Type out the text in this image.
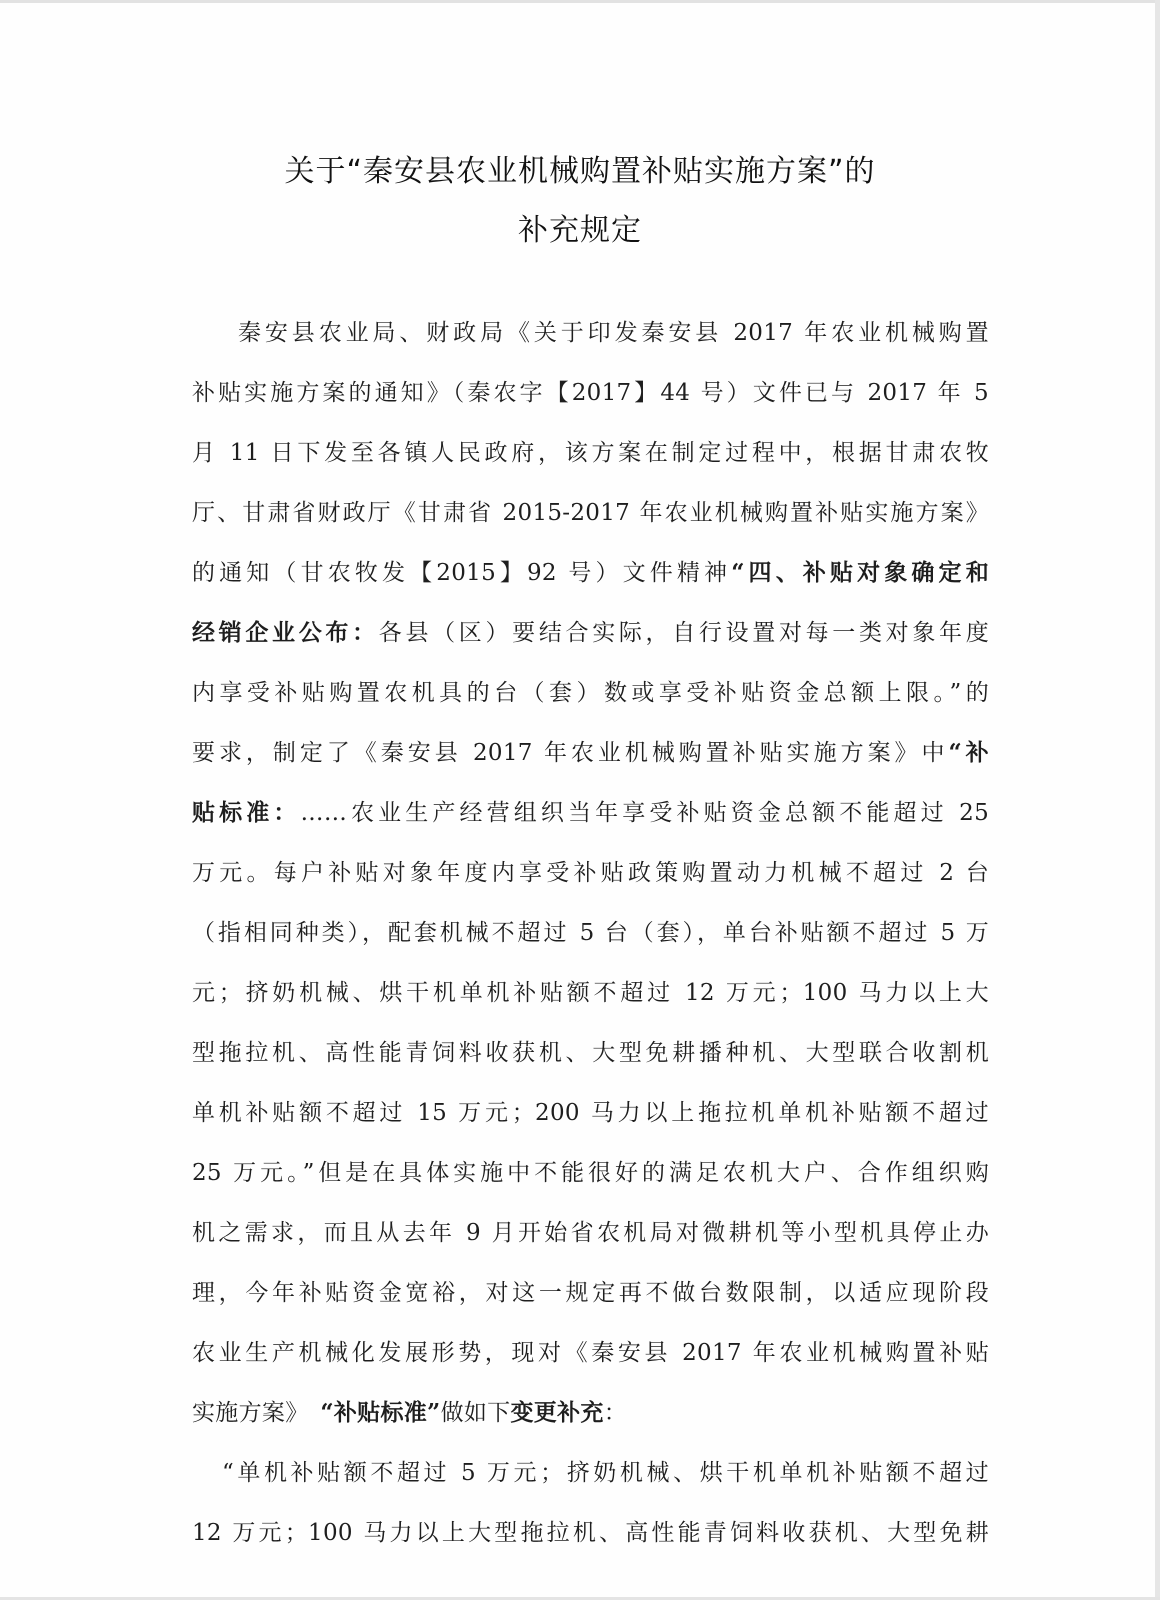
关于“秦安县农业机械购置补贴实施方案”的
补充规定
秦安县农业局、财政局《关于印发秦安县 2017 年农业机械购置
补贴实施方案的通知》（秦农字【2017】44 号）文件已与 2017 年 5
月 11 日下发至各镇人民政府，该方案在制定过程中，根据甘肃农牧
厅、甘肃省财政厅《甘肃省 2015-2017 年农业机械购置补贴实施方案》
的通知（甘农牧发【2015】92 号）文件精神“四、补贴对象确定和
经销企业公布：各县（区）要结合实际，自行设置对每一类对象年度
内享受补贴购置农机具的台（套）数或享受补贴资金总额上限。”的
要求，制定了《秦安县 2017 年农业机械购置补贴实施方案》中“补
贴标准：……农业生产经营组织当年享受补贴资金总额不能超过 25
万元。每户补贴对象年度内享受补贴政策购置动力机械不超过 2 台
（指相同种类），配套机械不超过 5 台（套），单台补贴额不超过 5 万
元；挤奶机械、烘干机单机补贴额不超过 12 万元；100 马力以上大
型拖拉机、高性能青饲料收获机、大型免耕播种机、大型联合收割机
单机补贴额不超过 15 万元；200 马力以上拖拉机单机补贴额不超过
25 万元。”但是在具体实施中不能很好的满足农机大户、合作组织购
机之需求，而且从去年 9 月开始省农机局对微耕机等小型机具停止办
理，今年补贴资金宽裕，对这一规定再不做台数限制，以适应现阶段
农业生产机械化发展形势，现对《秦安县 2017 年农业机械购置补贴
实施方案》　“补贴标准”做如下变更补充：
“单机补贴额不超过 5 万元；挤奶机械、烘干机单机补贴额不超过
12 万元；100 马力以上大型拖拉机、高性能青饲料收获机、大型免耕
